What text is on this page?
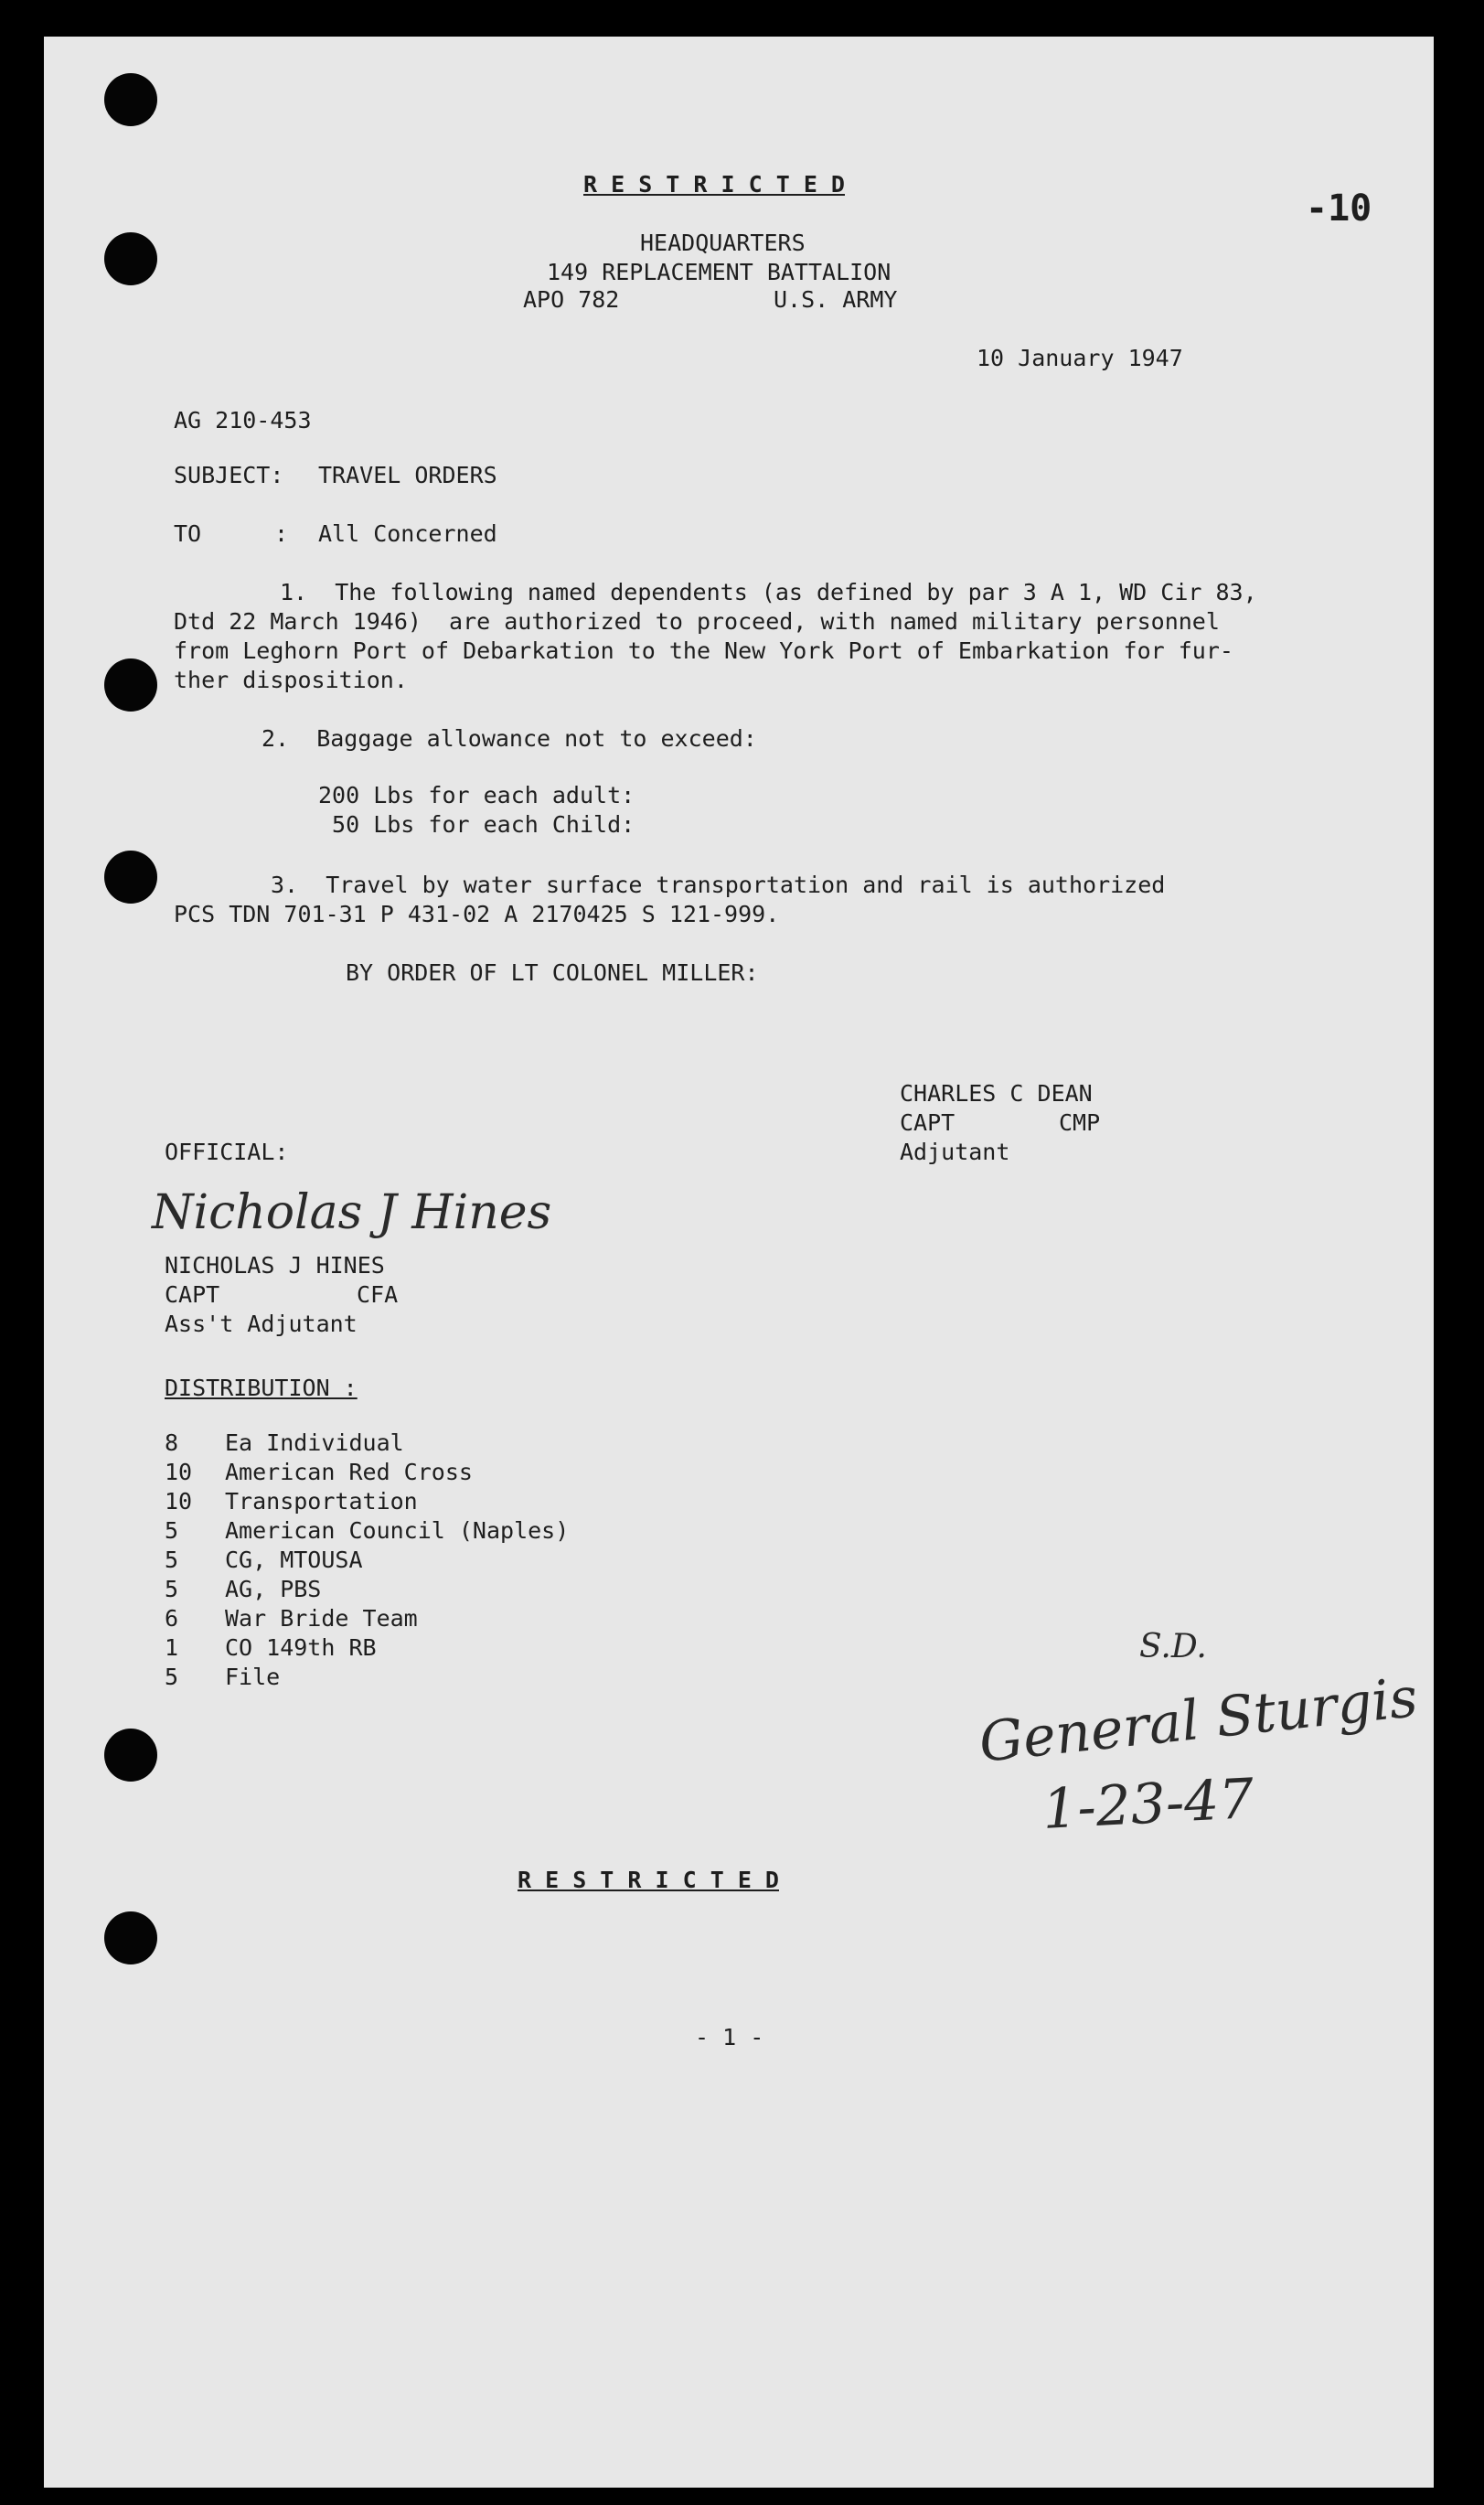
R E S T R I C T E D
-10
HEADQUARTERS
149 REPLACEMENT BATTALION
APO 782	U.S. ARMY
10 January 1947
AG 210-453
SUBJECT: TRAVEL ORDERS
TO	: All Concerned
1.  The following named dependents (as defined by par 3 A 1, WD Cir 83,
Dtd 22 March 1946)  are authorized to proceed, with named military personnel
from Leghorn Port of Debarkation to the New York Port of Embarkation for fur-
ther disposition.
2.  Baggage allowance not to exceed:
200 Lbs for each adult:
50 Lbs for each Child:
3.  Travel by water surface transportation and rail is authorized
PCS TDN 701-31 P 431-02 A 2170425 S 121-999.
BY ORDER OF LT COLONEL MILLER:
CHARLES C DEAN
CAPT	CMP
Adjutant
OFFICIAL:
Nicholas J Hines
NICHOLAS J HINES
CAPT	CFA
Ass't Adjutant
DISTRIBUTION :
8 Ea Individual
10 American Red Cross
10 Transportation
5 American Council (Naples)
5 CG, MTOUSA
5 AG, PBS
6 War Bride Team
1 CO 149th RB
5 File
S.D.
General Sturgis
1-23-47
R E S T R I C T E D
- 1 -
